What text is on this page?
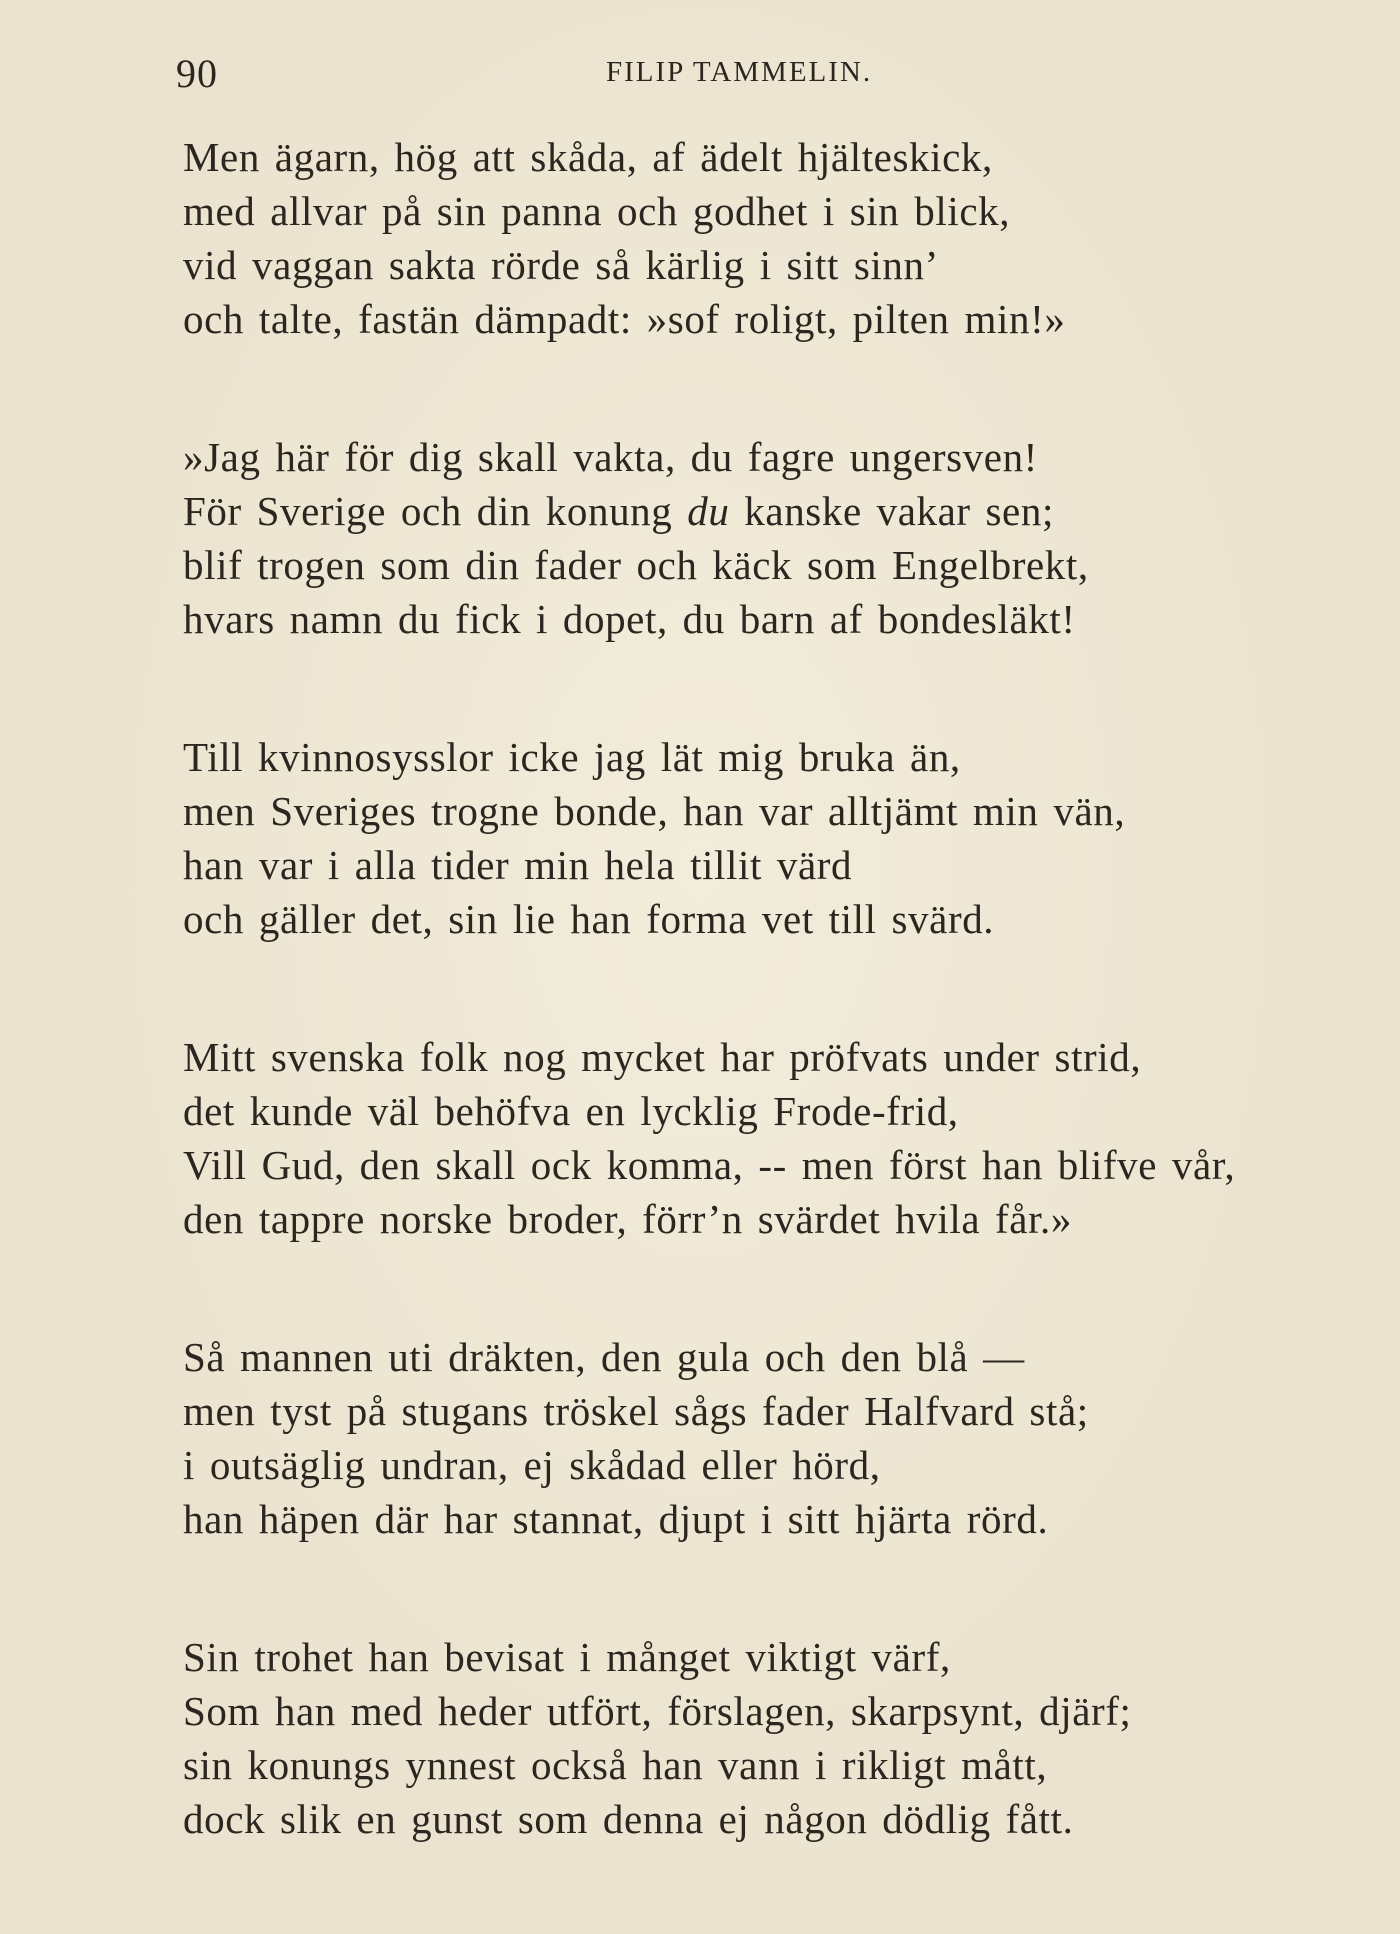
90	FILIP TAMMELIN.
Men ägarn, hög att skåda, af ädelt hjälteskick,
med allvar på sin panna och godhet i sin blick,
vid vaggan sakta rörde så kärlig i sitt sinn’
och talte, fastän dämpadt: »sof roligt, pilten min!»
»Jag här för dig skall vakta, du fagre ungersven!
För Sverige och din konung du kanske vakar sen;
blif trogen som din fader och käck som Engelbrekt,
hvars namn du fick i dopet, du barn af bondesläkt!
Till kvinnosysslor icke jag lät mig bruka än,
men Sveriges trogne bonde, han var alltjämt min vän,
han var i alla tider min hela tillit värd
och gäller det, sin lie han forma vet till svärd.
Mitt svenska folk nog mycket har pröfvats under strid,
det kunde väl behöfva en lycklig Frode-frid,
Vill Gud, den skall ock komma, -- men först han blifve vår,
den tappre norske broder, förr’n svärdet hvila får.»
Så mannen uti dräkten, den gula och den blå —
men tyst på stugans tröskel sågs fader Halfvard stå;
i outsäglig undran, ej skådad eller hörd,
han häpen där har stannat, djupt i sitt hjärta rörd.
Sin trohet han bevisat i månget viktigt värf,
Som han med heder utfört, förslagen, skarpsynt, djärf;
sin konungs ynnest också han vann i rikligt mått,
dock slik en gunst som denna ej någon dödlig fått.
